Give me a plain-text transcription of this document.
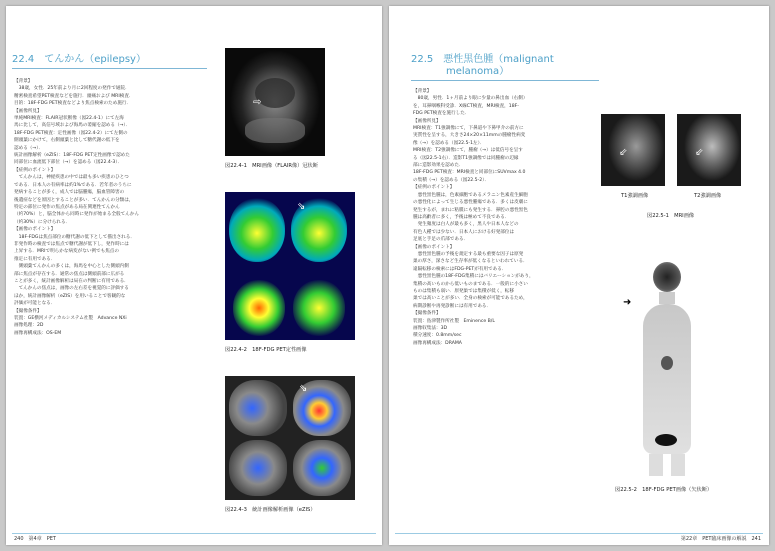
22.4　てんかん（epilepsy）
【背景】
　38歳，女性．25年前より月に2回程度の発作で通院．
精密検査希望PET検査などを施行．頭痛および MRI検査．
目的：18F-FDG PET検査などより焦点検索のため施行．
【画像所見】
単純MRI検査：FLAIR冠状断像（図22.4-1）にて左海
馬に比して，高信号域および海馬の萎縮を認める（→）．
18F-FDG PET検査：定性画像（図22.4-2）にて左側の
側頭葉にかけて，右側頭葉と比して糖代謝の低下を
認める（→）．
統計画像解析（eZIS）：18F-FDG PET定性画像で認めた
同部位に血流低下部位（→）を認める（図22.4-3）．
【症例のポイント】
　てんかんは，神経疾患の中では最も多い疾患のひとつ
である．日本人の有病率は約1%である．若年者のうちに
発病することが多く，成人では脳腫瘍，脳血管障害の
後遺症などを原因とすることが多い．てんかんの分類は，
特定の部位に発作の焦点がある局在関連性てんかん
（約70%）と，脳全体から同時に発作が始まる全般てんかん
（約30%）に分けられる．
【画像のポイント】
　18F-FDGは焦点部位の糖代謝の低下として描出される．
非発作時の検査では焦点で糖代謝が低下し，発作時には
上昇する．MRIで明らかな病変がない例でも焦点の
推定に有用である．
　側頭葉てんかんの多くは，海馬を中心とした側頭内側
部に焦点が存在する．通常の焦点は側頭前部に広がる
ことが多く，統計画像解析は局在の判断に有用である．
　てんかんの焦点は，画像の左右差を視覚的に評価する
ほか，統計画像解析（eZIS）を用いることで客観的な
評価が可能となる．
【撮像条件】
装置：GE横河メディカルシステム社製　Advance NXi
画像処理：2D
画像再構成法：OS-EM
⇨
図22.4-1　MRI画像（FLAIR像）冠状断
⇘
図22.4-2　18F-FDG PET定性画像
⇘
図22.4-3　統計画像解析画像（eZIS）
240　第4章　PET
22.5　悪性黒色腫（malignant
melanoma）
【背景】
　80歳，男性．1ヶ月前より眼に少量の鼻出血（右側）
を，耳鼻咽喉科受診．X線CT検査，MRI検査，18F-
FDG PET検査を施行した．
【画像所見】
MRI検査：T1強調像にて，下鼻道や下鼻甲介の前方に
実質性を呈する，大きさ24×20×11mmの腫瘤性病変
像（→）を認める（図22.5-1左）．
MRI検査：T2強調像にて，腫瘤（→）は低信号を呈す
る（図22.5-1右）．造影T1強調像では同腫瘤の辺縁
部に造影効果を認めた．
18F-FDG PET検査：MRI検査と同部位にSUVmax 4.0
の集積（→）を認める（図22.5-2）．
【症例のポイント】
　悪性黒色腫は，色素細胞であるメラニン色素産生細胞
の悪性化によって生じる悪性腫瘍である．多くは皮膚に
発生するが，まれに粘膜にも発生する．鼻腔の悪性黒色
腫は高齢者に多く，予後は極めて不良である．
　発生頻度は白人が最も多く，黒人や日本人などの
有色人種では少ない．日本人における好発部位は
足底と手足の爪部である．
【画像のポイント】
　悪性黒色腫の予後を規定する最も重要な因子は原発
巣の厚さ，深さなど生存率が低くなるといわれている．
遠隔転移の検索にはFDG-PETが有用である．
　悪性黒色腫の18F-FDG集積にはバリエーションがあり，
集積の高いものから低いものまである．一般的に小さい
ものは集積も弱い．原発巣では集積が低く，転移
巣では高いことが多い．全身の検索が可能であるため，
病期診断や再発診断には有用である．
【撮像条件】
装置：島津製作所社製　Eminence B/L
画像収集法：3D
積分速度：0.8mm/sec
画像再構成法：DRAMA
⇙	⇙
T1強調画像	T2強調画像
図22.5-1　MRI画像
➜
図22.5-2　18F-FDG PET画像（矢状断）
第22章　PET臨床画像の解説　241
